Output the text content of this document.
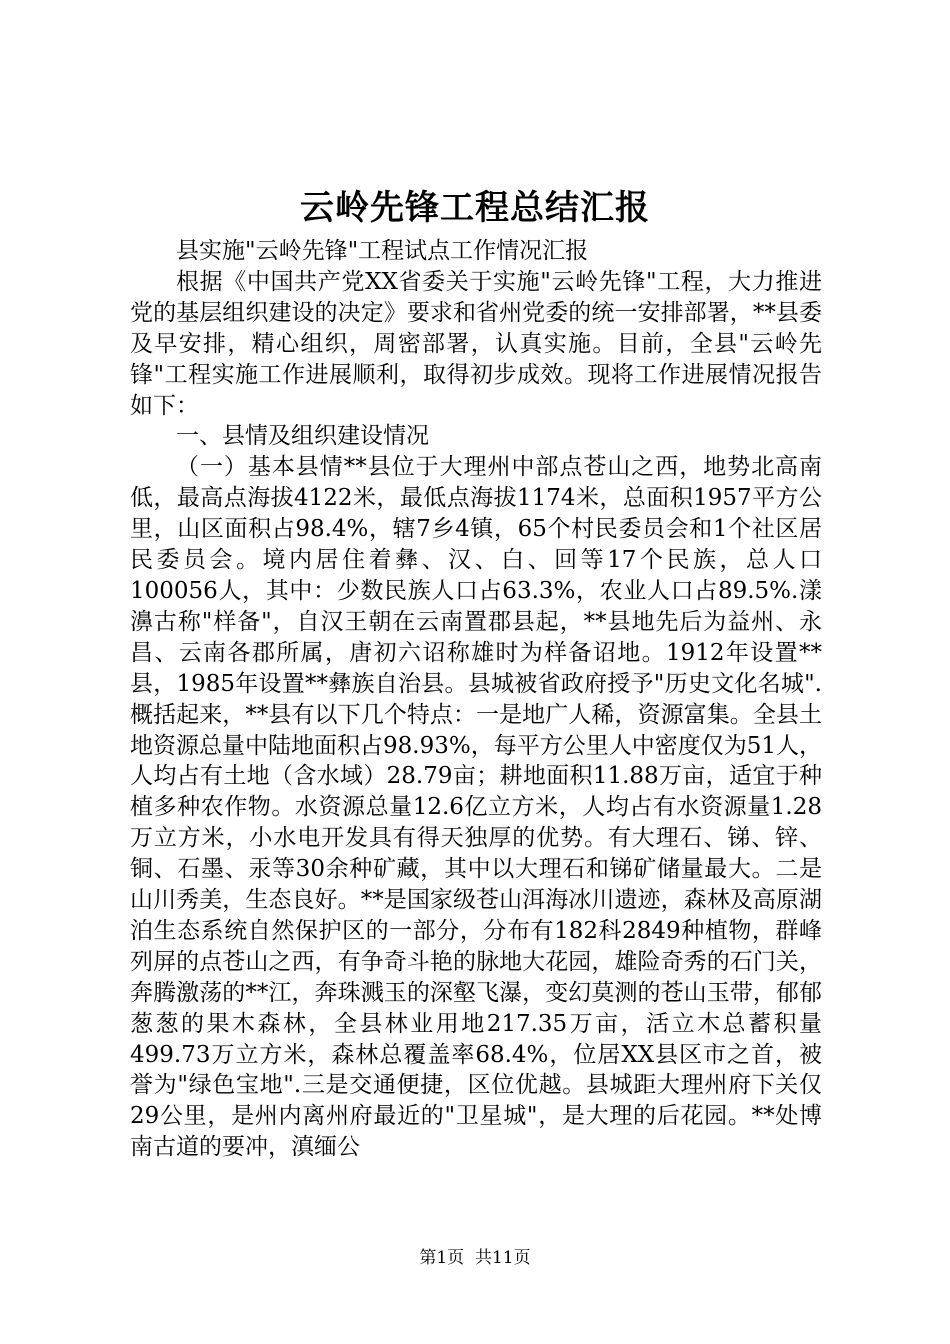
云岭先锋工程总结汇报

县实施"云岭先锋"工程试点工作情况汇报

根据《中国共产党XX省委关于实施"云岭先锋"工程，大力推进党的基层组织建设的决定》要求和省州党委的统一安排部署，**县委及早安排，精心组织，周密部署，认真实施。目前，全县"云岭先锋"工程实施工作进展顺利，取得初步成效。现将工作进展情况报告如下：

一、县情及组织建设情况

（一）基本县情**县位于大理州中部点苍山之西，地势北高南低，最高点海拔4122米，最低点海拔1174米，总面积1957平方公里，山区面积占98.4%，辖7乡4镇，65个村民委员会和1个社区居民委员会。境内居住着彝、汉、白、回等17个民族，总人口100056人，其中：少数民族人口占63.3%，农业人口占89.5%.漾濞古称"样备"，自汉王朝在云南置郡县起，**县地先后为益州、永昌、云南各郡所属，唐初六诏称雄时为样备诏地。1912年设置**县，1985年设置**彝族自治县。县城被省政府授予"历史文化名城".概括起来，**县有以下几个特点：一是地广人稀，资源富集。全县土地资源总量中陆地面积占98.93%，每平方公里人中密度仅为51人，人均占有土地（含水域）28.79亩；耕地面积11.88万亩，适宜于种植多种农作物。水资源总量12.6亿立方米，人均占有水资源量1.28万立方米，小水电开发具有得天独厚的优势。有大理石、锑、锌、铜、石墨、汞等30余种矿藏，其中以大理石和锑矿储量最大。二是山川秀美，生态良好。**是国家级苍山洱海冰川遗迹，森林及高原湖泊生态系统自然保护区的一部分，分布有182科2849种植物，群峰列屏的点苍山之西，有争奇斗艳的脉地大花园，雄险奇秀的石门关，奔腾激荡的**江，奔珠溅玉的深壑飞瀑，变幻莫测的苍山玉带，郁郁葱葱的果木森林，全县林业用地217.35万亩，活立木总蓄积量499.73万立方米，森林总覆盖率68.4%，位居XX县区市之首，被誉为"绿色宝地".三是交通便捷，区位优越。县城距大理州府下关仅29公里，是州内离州府最近的"卫星城"，是大理的后花园。**处博南古道的要冲，滇缅公

第1页  共11页
